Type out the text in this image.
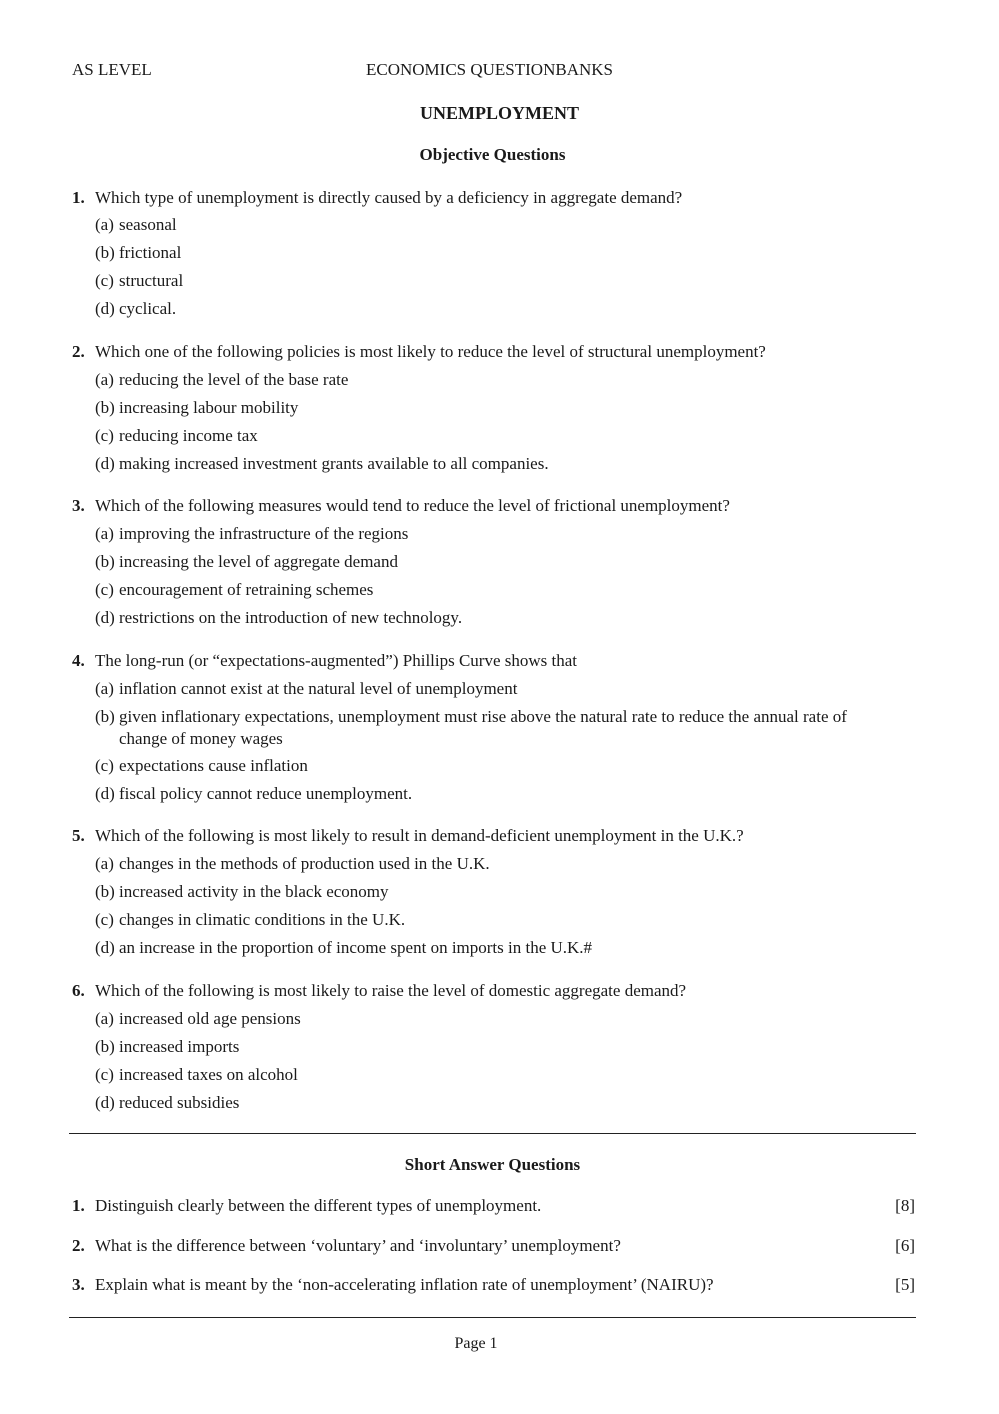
AS LEVEL	ECONOMICS QUESTIONBANKS
UNEMPLOYMENT
Objective Questions
1. Which type of unemployment is directly caused by a deficiency in aggregate demand?
(a) seasonal
(b) frictional
(c) structural
(d) cyclical.
2. Which one of the following policies is most likely to reduce the level of structural unemployment?
(a) reducing the level of the base rate
(b) increasing labour mobility
(c) reducing income tax
(d) making increased investment grants available to all companies.
3. Which of the following measures would tend to reduce the level of frictional unemployment?
(a) improving the infrastructure of the regions
(b) increasing the level of aggregate demand
(c) encouragement of retraining schemes
(d) restrictions on the introduction of new technology.
4. The long-run (or “expectations-augmented”) Phillips Curve shows that
(a) inflation cannot exist at the natural level of unemployment
(b) given inflationary expectations, unemployment must rise above the natural rate to reduce the annual rate of
change of money wages
(c) expectations cause inflation
(d) fiscal policy cannot reduce unemployment.
5. Which of the following is most likely to result in demand-deficient unemployment in the U.K.?
(a) changes in the methods of production used in the U.K.
(b) increased activity in the black economy
(c) changes in climatic conditions in the U.K.
(d) an increase in the proportion of income spent on imports in the U.K.#
6. Which of the following is most likely to raise the level of domestic aggregate demand?
(a) increased old age pensions
(b) increased imports
(c) increased taxes on alcohol
(d) reduced subsidies
Short Answer Questions
1. Distinguish clearly between the different types of unemployment.	[8]
2. What is the difference between ‘voluntary’ and ‘involuntary’ unemployment?	[6]
3. Explain what is meant by the ‘non-accelerating inflation rate of unemployment’ (NAIRU)?	[5]
Page 1
